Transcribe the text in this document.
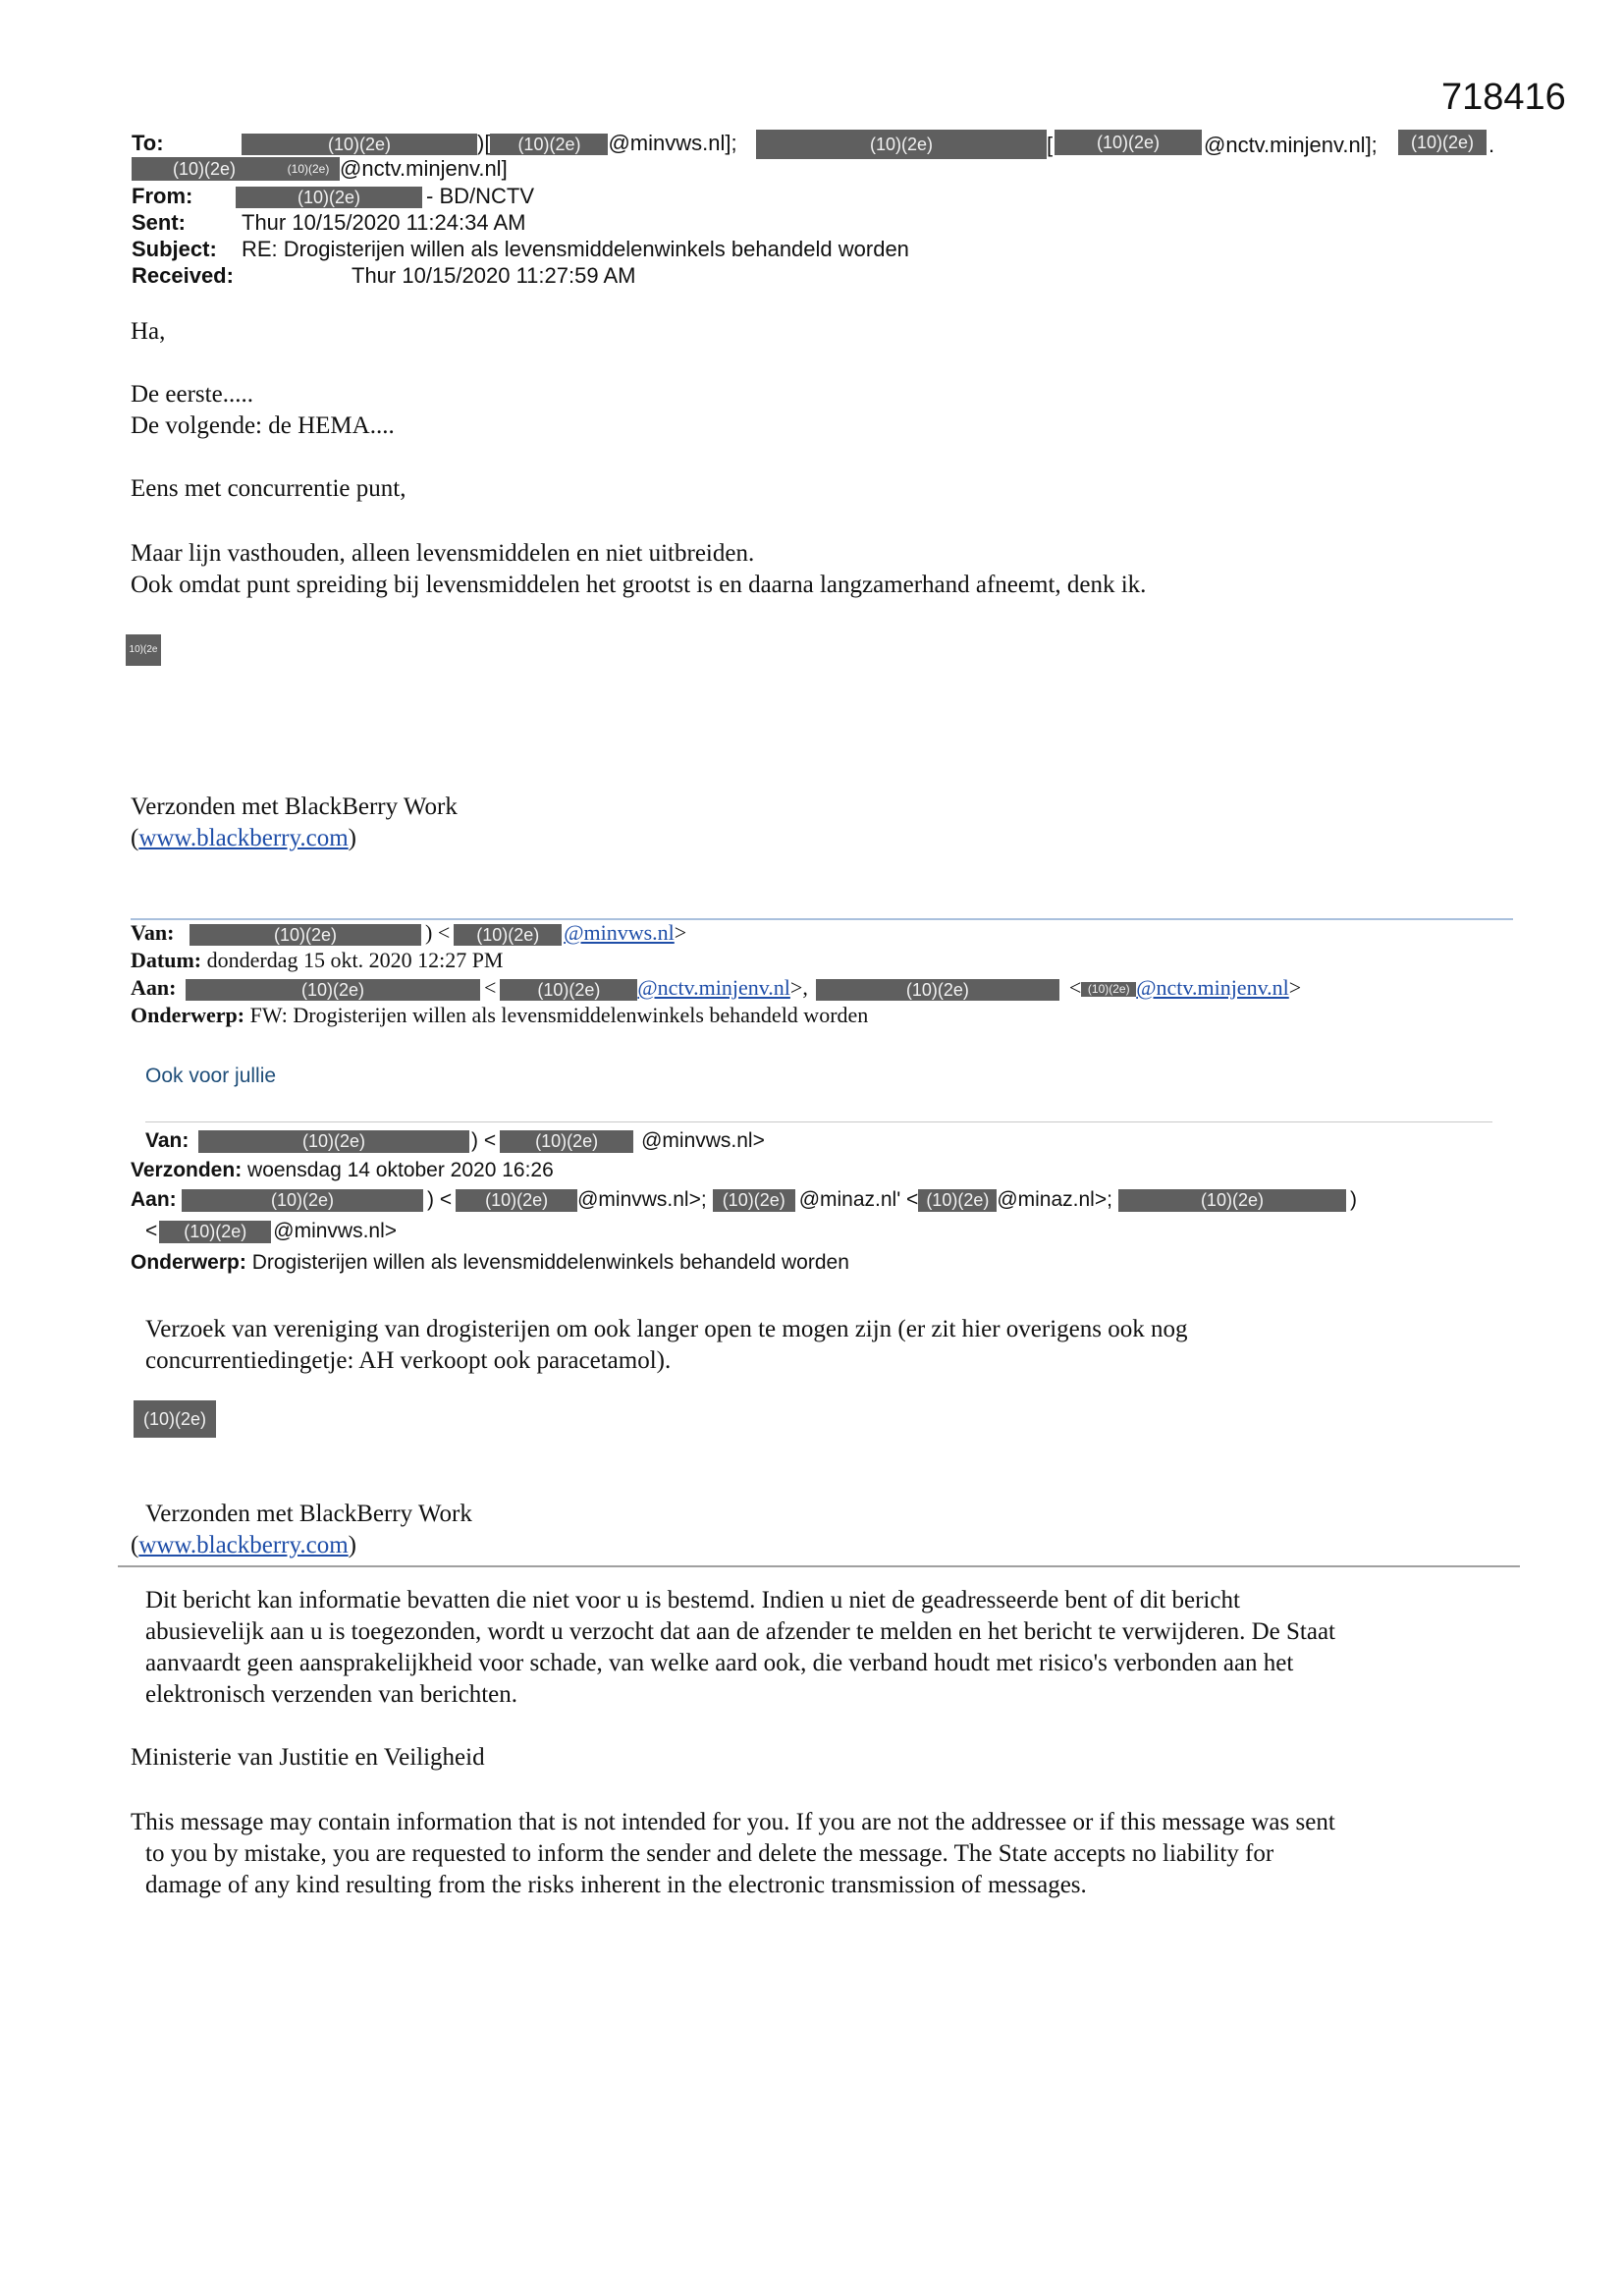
718416
To:	(10)(2e)	)[ (10)(2e) @minvws.nl];	(10)(2e)	[	(10)(2e)	@nctv.minjenv.nl];	(10)(2e) .
(10)(2e)	(10)(2e) @nctv.minjenv.nl]
From:	(10)(2e)	- BD/NCTV
Sent:	Thur 10/15/2020 11:24:34 AM
Subject: RE: Drogisterijen willen als levensmiddelenwinkels behandeld worden
Received:	Thur 10/15/2020 11:27:59 AM
Ha,
De eerste.....
De volgende: de HEMA....
Eens met concurrentie punt,
Maar lijn vasthouden, alleen levensmiddelen en niet uitbreiden.
Ook omdat punt spreiding bij levensmiddelen het grootst is en daarna langzamerhand afneemt, denk ik.
10)(2e
Verzonden met BlackBerry Work
(www.blackberry.com)
Van:	(10)(2e)	) < (10)(2e) @minvws.nl>
Datum: donderdag 15 okt. 2020 12:27 PM
Aan:	(10)(2e)	< (10)(2e) @nctv.minjenv.nl>,	(10)(2e)	< (10)(2e) @nctv.minjenv.nl>
Onderwerp: FW: Drogisterijen willen als levensmiddelenwinkels behandeld worden
Ook voor jullie
Van:	(10)(2e)	) < (10)(2e) @minvws.nl>
Verzonden: woensdag 14 oktober 2020 16:26
Aan:	(10)(2e)	) < (10)(2e) @minvws.nl>; (10)(2e) @minaz.nl' < (10)(2e) @minaz.nl>;	(10)(2e)	)
< (10)(2e) @minvws.nl>
Onderwerp: Drogisterijen willen als levensmiddelenwinkels behandeld worden
Verzoek van vereniging van drogisterijen om ook langer open te mogen zijn (er zit hier overigens ook nog
concurrentiedingetje: AH verkoopt ook paracetamol).
(10)(2e)
Verzonden met BlackBerry Work
(www.blackberry.com)
Dit bericht kan informatie bevatten die niet voor u is bestemd. Indien u niet de geadresseerde bent of dit bericht
abusievelijk aan u is toegezonden, wordt u verzocht dat aan de afzender te melden en het bericht te verwijderen. De Staat
aanvaardt geen aansprakelijkheid voor schade, van welke aard ook, die verband houdt met risico's verbonden aan het
elektronisch verzenden van berichten.
Ministerie van Justitie en Veiligheid
This message may contain information that is not intended for you. If you are not the addressee or if this message was sent
to you by mistake, you are requested to inform the sender and delete the message. The State accepts no liability for
damage of any kind resulting from the risks inherent in the electronic transmission of messages.
